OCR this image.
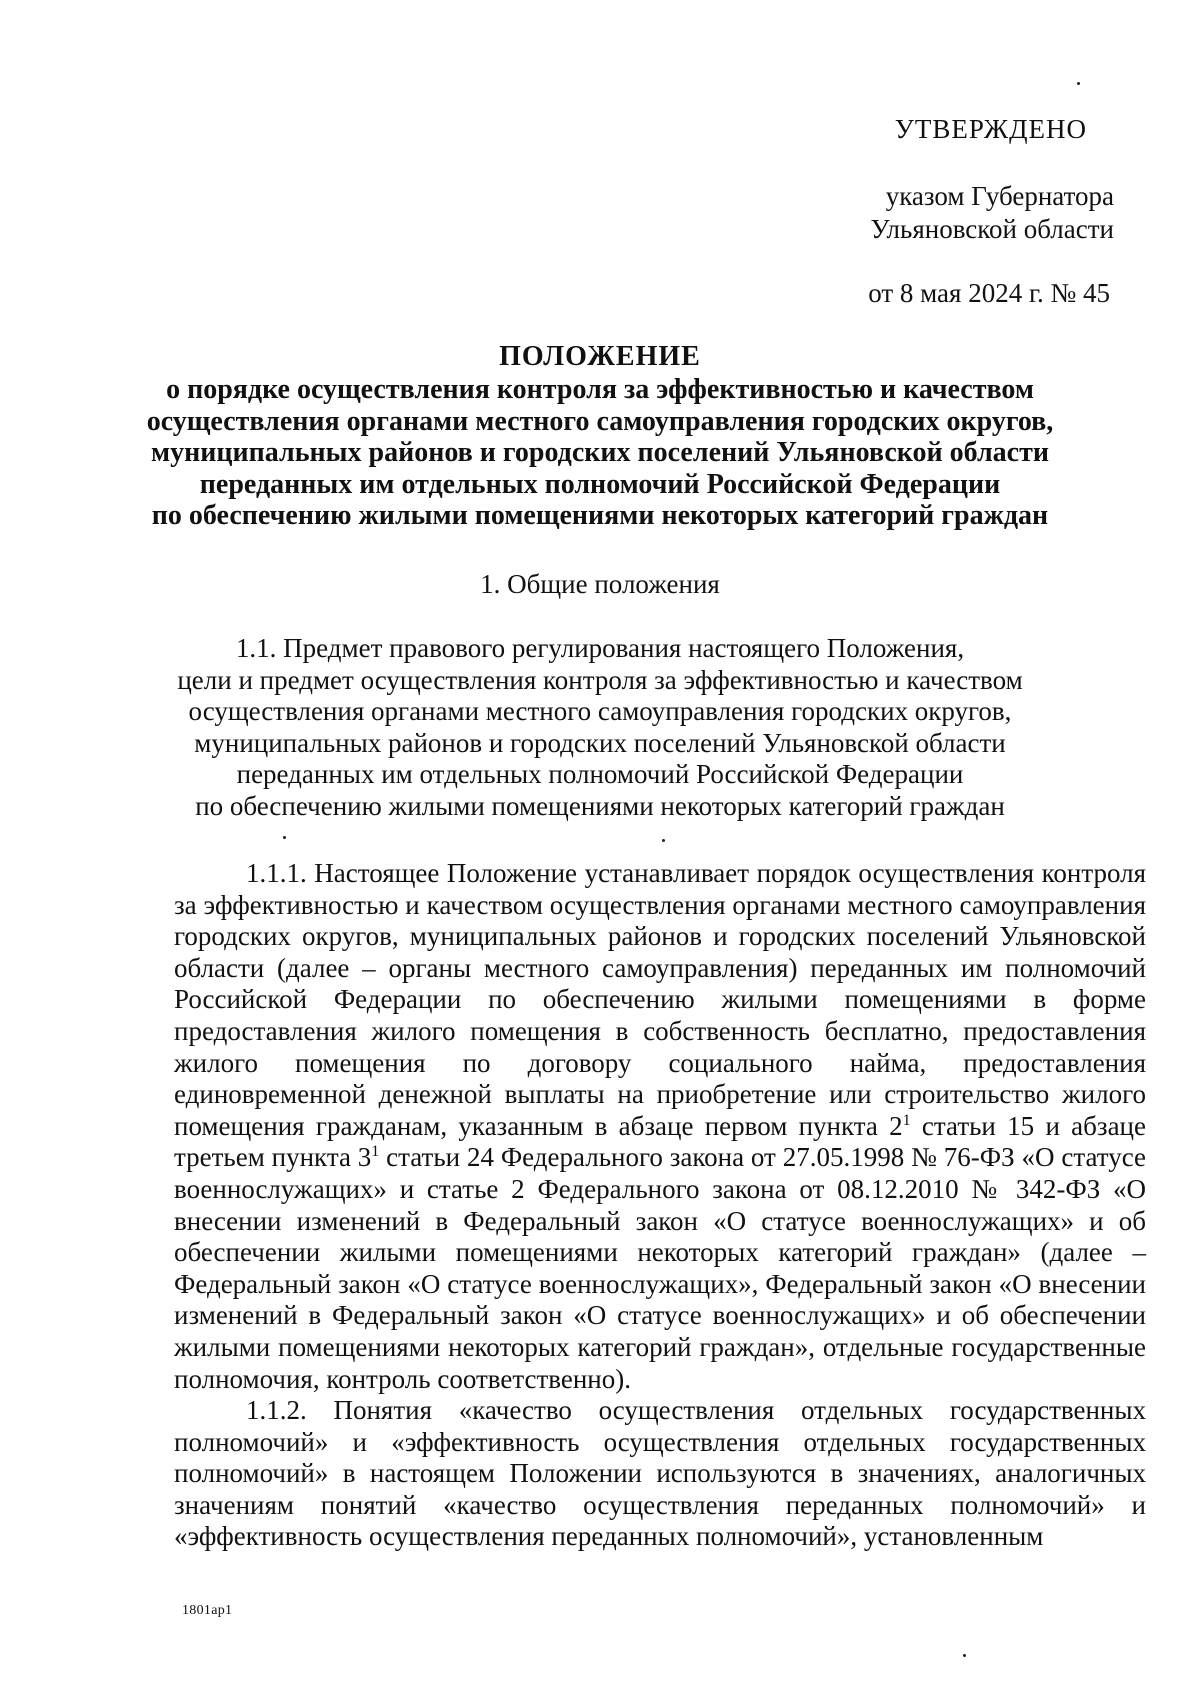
УТВЕРЖДЕНО
указом Губернатора
Ульяновской области
от 8 мая 2024 г. № 45
ПОЛОЖЕНИЕ
о порядке осуществления контроля за эффективностью и качеством
осуществления органами местного самоуправления городских округов,
муниципальных районов и городских поселений Ульяновской области
переданных им отдельных полномочий Российской Федерации
по обеспечению жилыми помещениями некоторых категорий граждан
1. Общие положения
1.1. Предмет правового регулирования настоящего Положения,
цели и предмет осуществления контроля за эффективностью и качеством
осуществления органами местного самоуправления городских округов,
муниципальных районов и городских поселений Ульяновской области
переданных им отдельных полномочий Российской Федерации
по обеспечению жилыми помещениями некоторых категорий граждан

1.1.1. Настоящее Положение устанавливает порядок осуществления контроля за эффективностью и качеством осуществления органами местного самоуправления городских округов, муниципальных районов и городских поселений Ульяновской области (далее – органы местного самоуправления) переданных им полномочий Российской Федерации по обеспечению жилыми помещениями в форме предоставления жилого помещения в собственность бесплатно, предоставления жилого помещения по договору социального найма, предоставления единовременной денежной выплаты на приобретение или строительство жилого помещения гражданам, указанным в абзаце первом пункта $2^1$ статьи 15 и абзаце третьем пункта $3^1$ статьи 24 Федерального закона от 27.05.1998 № 76-ФЗ «О статусе военнослужащих» и статье 2 Федерального закона от 08.12.2010 № 342-ФЗ «О внесении изменений в Федеральный закон «О статусе военнослужащих» и об обеспечении жилыми помещениями некоторых категорий граждан» (далее – Федеральный закон «О статусе военнослужащих», Федеральный закон «О внесении изменений в Федеральный закон «О статусе военнослужащих» и об обеспечении жилыми помещениями некоторых категорий граждан», отдельные государственные полномочия, контроль соответственно).

1.1.2. Понятия «качество осуществления отдельных государственных полномочий» и «эффективность осуществления отдельных государственных полномочий» в настоящем Положении используются в значениях, аналогичных значениям понятий «качество осуществления переданных полномочий» и «эффективность осуществления переданных полномочий», установленным

1801ap1
